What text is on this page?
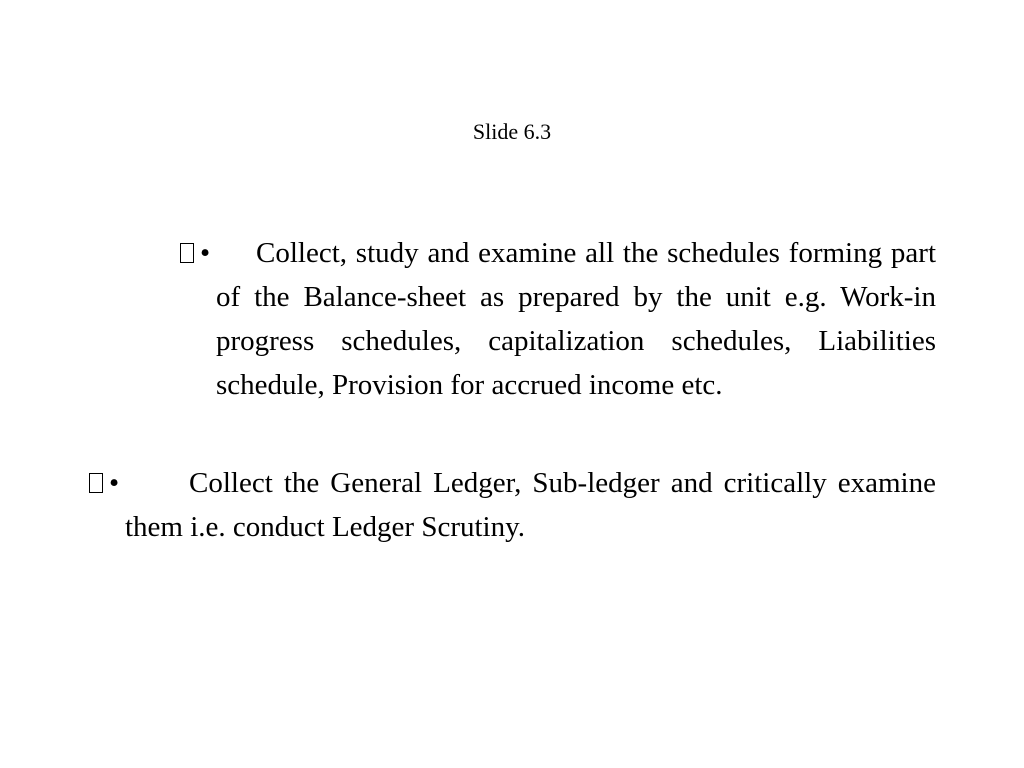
Slide 6.3
• Collect, study and examine all the schedules forming part of the Balance-sheet as prepared by the unit e.g. Work-in progress schedules, capitalization schedules, Liabilities schedule, Provision for accrued income etc.
• Collect the General Ledger, Sub-ledger and critically examine them i.e. conduct Ledger Scrutiny.
